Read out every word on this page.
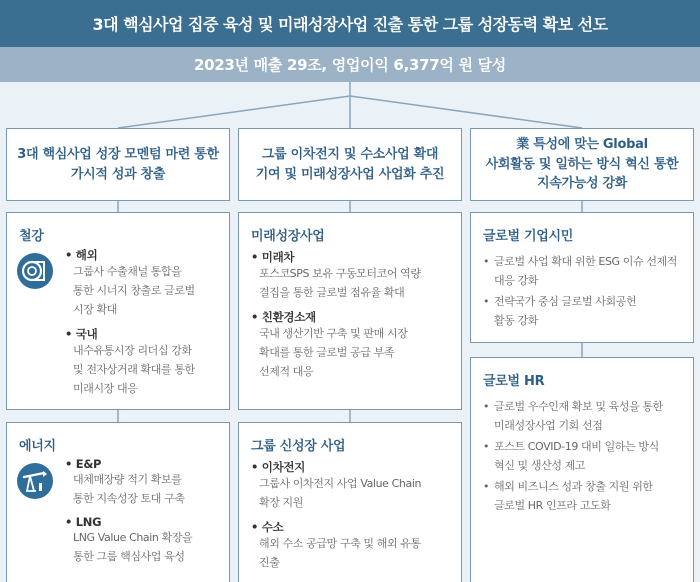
3대 핵심사업 집중 육성 및 미래성장사업 진출 통한 그룹 성장동력 확보 선도
2023년 매출 29조, 영업이익 6,377억 원 달성
3대 핵심사업 성장 모멘텀 마련 통한
가시적 성과 창출
그룹 이차전지 및 수소사업 확대
기여 및 미래성장사업 사업화 추진
業 특성에 맞는 Global
사회활동 및 일하는 방식 혁신 통한
지속가능성 강화
철강
• 해외
그룹사 수출채널 통합을
통한 시너지 창출로 글로벌
시장 확대
• 국내
내수유통시장 리더십 강화
및 전자상거래 확대를 통한
미래시장 대응
에너지
• E&P
대체매장량 적기 확보를
통한 지속성장 토대 구축
• LNG
LNG Value Chain 확장을
통한 그룹 핵심사업 육성
미래성장사업
• 미래차
포스코SPS 보유 구동모터코어 역량
결집을 통한 글로벌 점유율 확대
• 친환경소재
국내 생산기반 구축 및 판매 시장
확대를 통한 글로벌 공급 부족
선제적 대응
그룹 신성장 사업
• 이차전지
그룹사 이차전지 사업 Value Chain
확장 지원
• 수소
해외 수소 공급망 구축 및 해외 유통
진출
글로벌 기업시민
• 글로벌 사업 확대 위한 ESG 이슈 선제적
대응 강화
• 전략국가 중심 글로벌 사회공헌
활동 강화
글로벌 HR
• 글로벌 우수인재 확보 및 육성을 통한
미래성장사업 기회 선점
• 포스트 COVID-19 대비 일하는 방식
혁신 및 생산성 제고
• 해외 비즈니스 성과 창출 지원 위한
글로벌 HR 인프라 고도화
